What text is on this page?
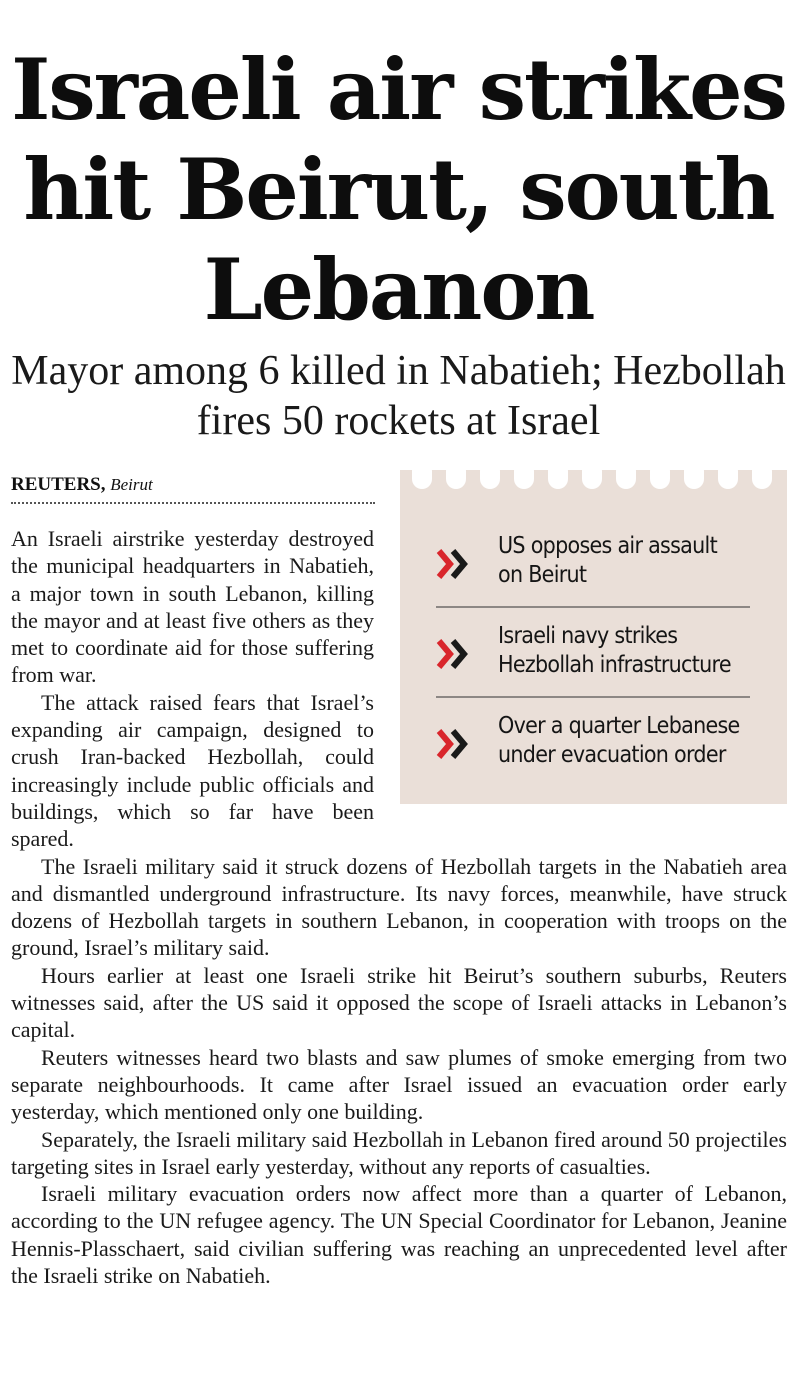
Israeli air strikes hit Beirut, south Lebanon
Mayor among 6 killed in Nabatieh; Hezbollah fires 50 rockets at Israel
REUTERS, Beirut
US opposes air assault
on Beirut
Israeli navy strikes
Hezbollah infrastructure
Over a quarter Lebanese
under evacuation order

An Israeli airstrike yesterday destroyed the municipal headquarters in Nabatieh, a major town in south Lebanon, killing the mayor and at least five others as they met to coordinate aid for those suffering from war.

The attack raised fears that Israel’s expanding air campaign, designed to crush Iran-backed Hezbollah, could increasingly include public officials and buildings, which so far have been spared.

The Israeli military said it struck dozens of Hezbollah targets in the Nabatieh area and dismantled underground infrastructure. Its navy forces, meanwhile, have struck dozens of Hezbollah targets in southern Lebanon, in cooperation with troops on the ground, Israel’s military said.

Hours earlier at least one Israeli strike hit Beirut’s southern suburbs, Reuters witnesses said, after the US said it opposed the scope of Israeli attacks in Lebanon’s capital.

Reuters witnesses heard two blasts and saw plumes of smoke emerging from two separate neighbourhoods. It came after Israel issued an evacuation order early yesterday, which mentioned only one building.

Separately, the Israeli military said Hezbollah in Lebanon fired around 50 projectiles targeting sites in Israel early yesterday, without any reports of casualties.

Israeli military evacuation orders now affect more than a quarter of Lebanon, according to the UN refugee agency. The UN Special Coordinator for Lebanon, Jeanine Hennis-Plasschaert, said civilian suffering was reaching an unprecedented level after the Israeli strike on Nabatieh.
